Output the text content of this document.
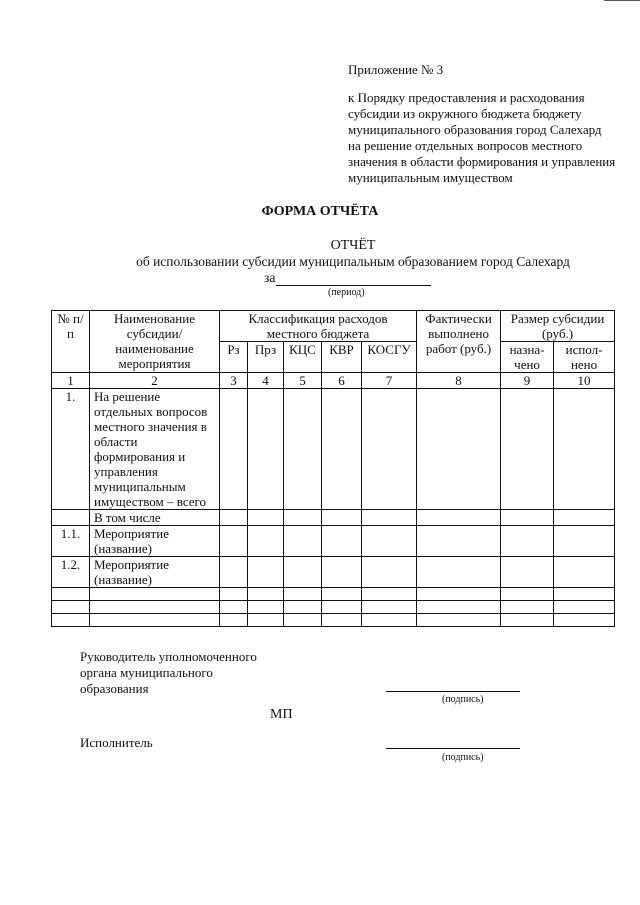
Приложение № 3
к Порядку предоставления и расходования
субсидии из окружного бюджета бюджету
муниципального образования город Салехард
на решение отдельных вопросов местного
значения в области формирования и управления
муниципальным имуществом
ФОРМА ОТЧЁТА
ОТЧЁТ
об использовании субсидии муниципальным образованием город Салехард
за
(период)
№ п/п	Наименование субсидии/ наименование мероприятия	Классификация расходов местного бюджета					Фактически выполнено работ (руб.)	Размер субсидии (руб.)	
		Рз	Прз	КЦС	КВР	КОСГУ		назна- чено	испол- нено
1	2	3	4	5	6	7	8	9	10
1.	На решение отдельных вопросов местного значения в области формирования и управления муниципальным имуществом – всего								
	В том числе								
1.1.	Мероприятие (название)								
1.2.	Мероприятие (название)								

Руководитель уполномоченного
органа муниципального
образования
(подпись)
МП
Исполнитель
(подпись)
